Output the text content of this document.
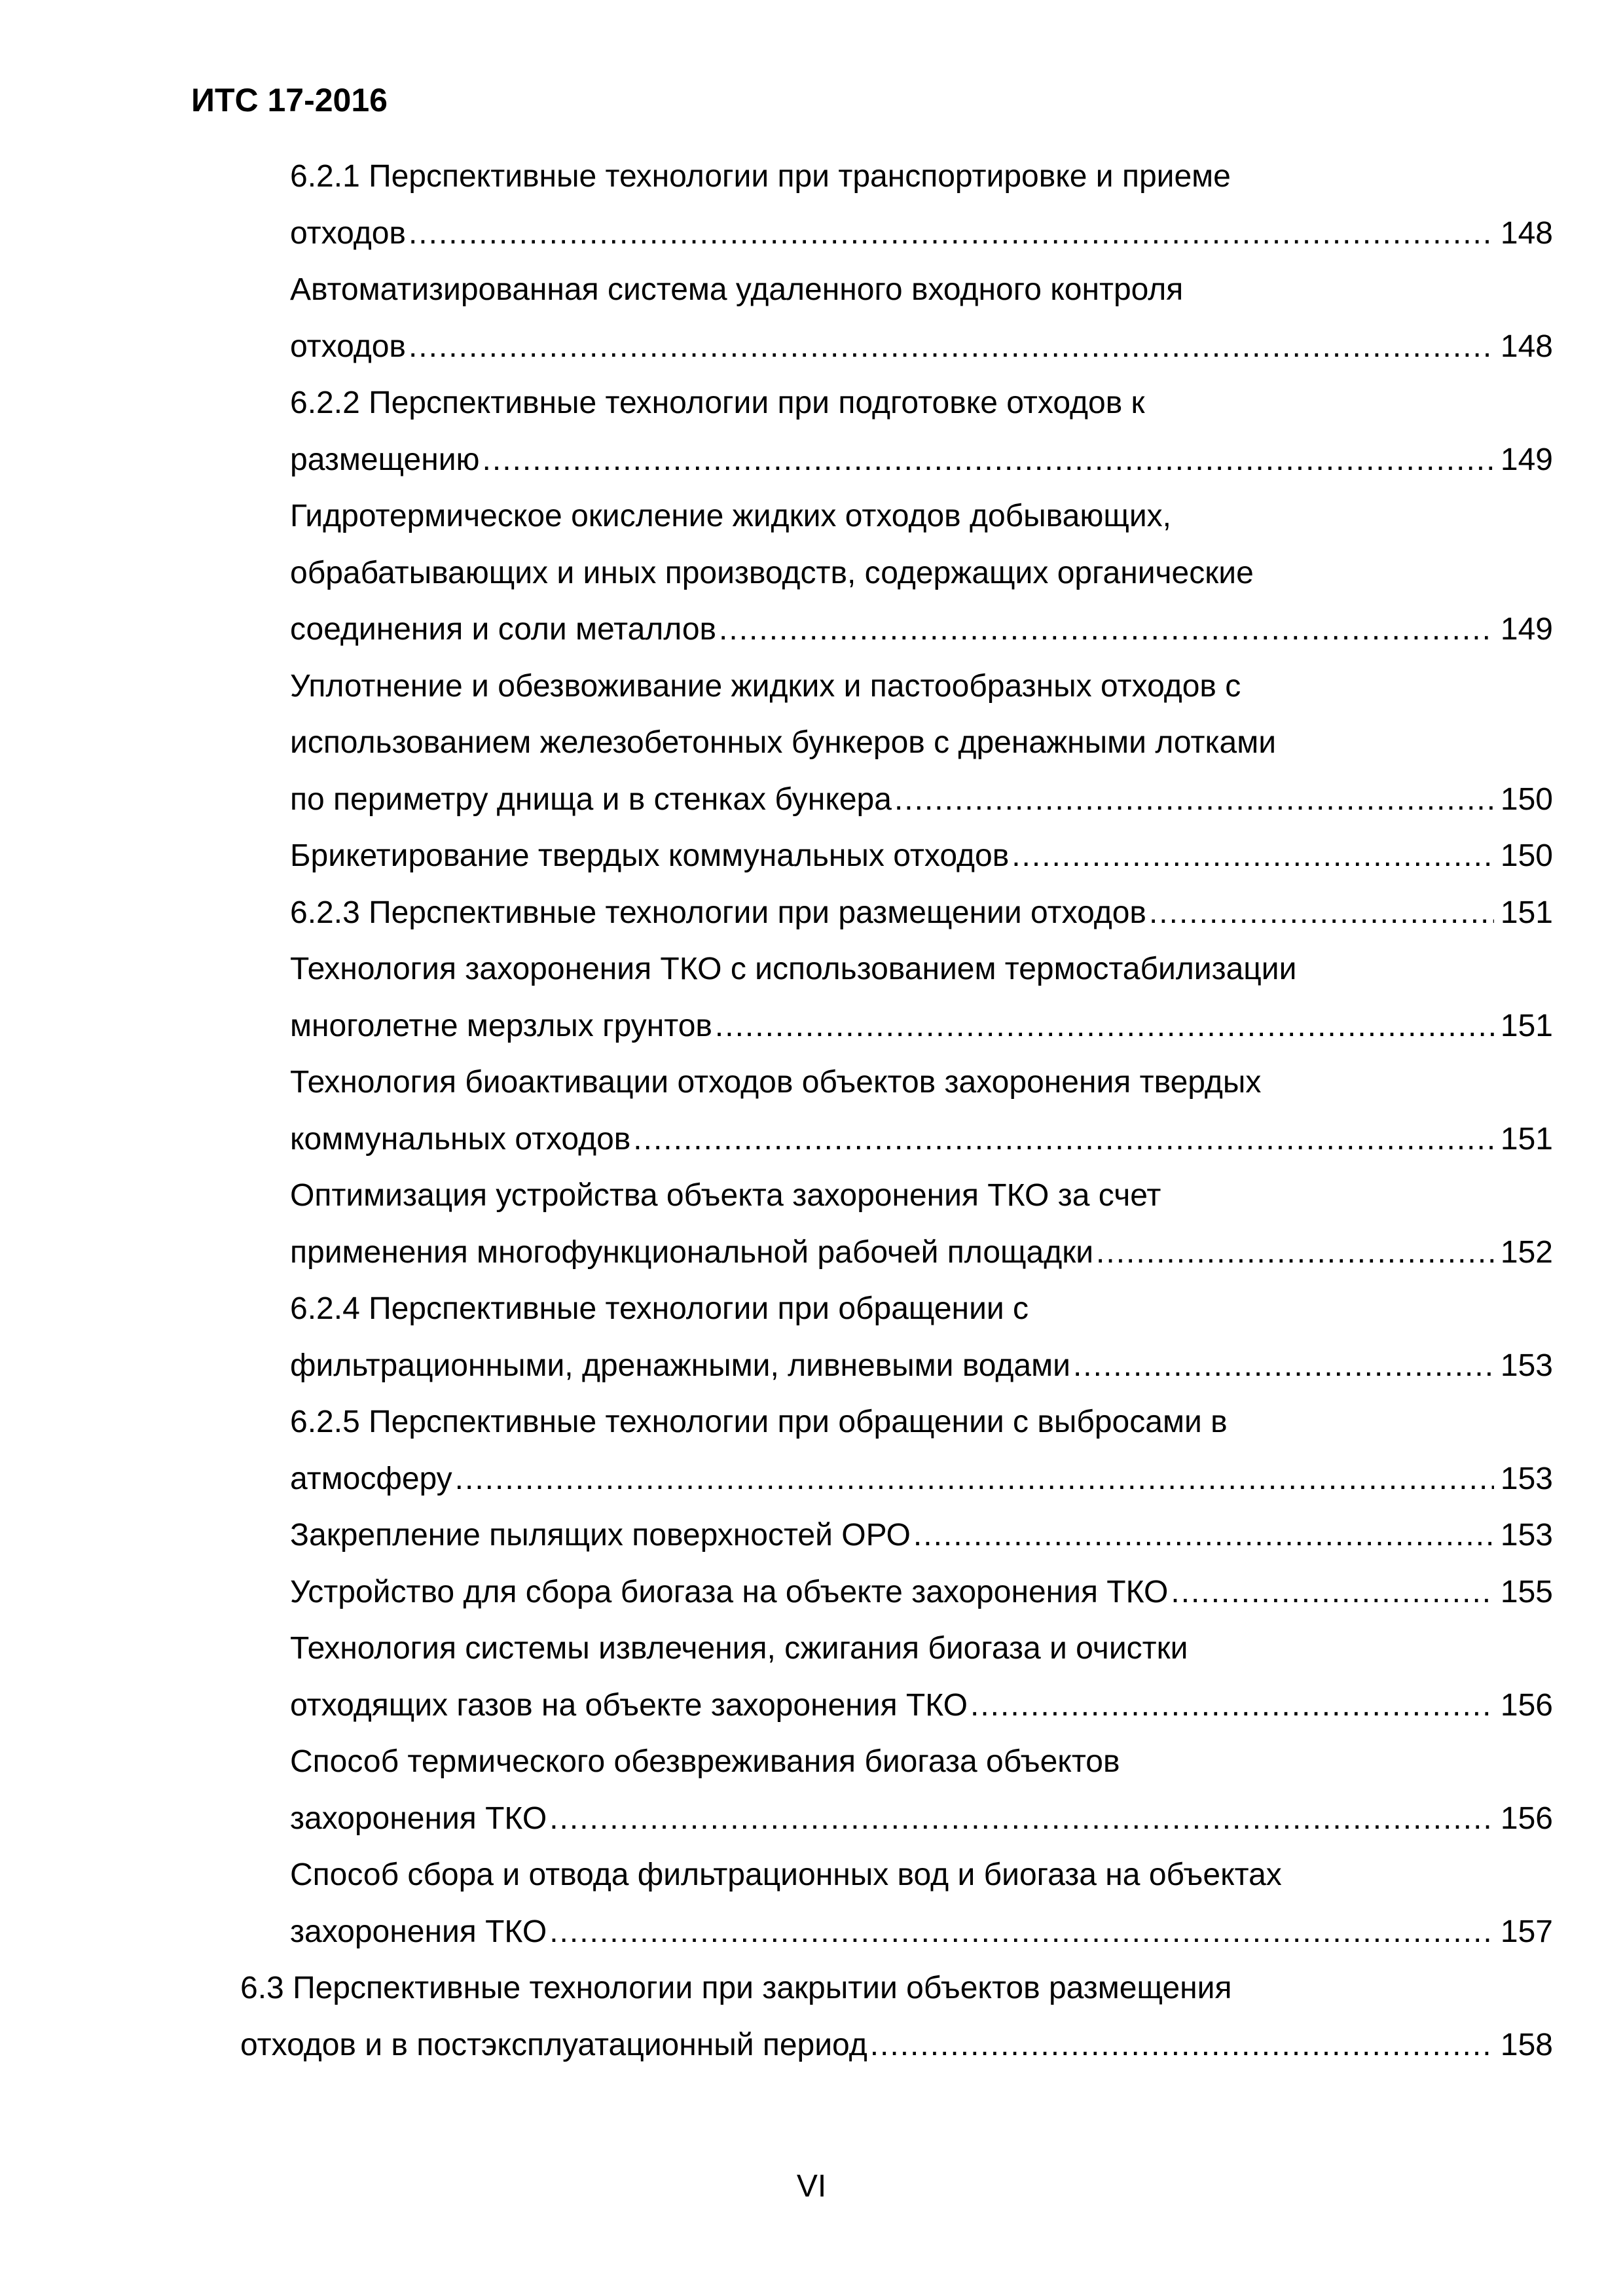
ИТС 17-2016
6.2.1 Перспективные технологии при транспортировке и приеме
отходов .....	148
Автоматизированная система удаленного входного контроля
отходов .....	148
6.2.2 Перспективные технологии при подготовке отходов к
размещению .....	149
Гидротермическое окисление жидких отходов добывающих,
обрабатывающих и иных производств, содержащих органические
соединения и соли металлов .....	149
Уплотнение и обезвоживание жидких и пастообразных отходов с
использованием железобетонных бункеров с дренажными лотками
по периметру днища и в стенках бункера .....	150
Брикетирование твердых коммунальных отходов .....	150
6.2.3 Перспективные технологии при размещении отходов .....	151
Технология захоронения ТКО с использованием термостабилизации
многолетне мерзлых грунтов .....	151
Технология биоактивации отходов объектов захоронения твердых
коммунальных отходов .....	151
Оптимизация устройства объекта захоронения ТКО за счет
применения многофункциональной рабочей площадки .....	152
6.2.4 Перспективные технологии при обращении с
фильтрационными, дренажными, ливневыми водами .....	153
6.2.5 Перспективные технологии при обращении с выбросами в
атмосферу .....	153
Закрепление пылящих поверхностей ОРО .....	153
Устройство для сбора биогаза на объекте захоронения ТКО .....	155
Технология системы извлечения, сжигания биогаза и очистки
отходящих газов на объекте захоронения ТКО .....	156
Способ термического обезвреживания биогаза объектов
захоронения ТКО .....	156
Способ сбора и отвода фильтрационных вод и биогаза на объектах
захоронения ТКО .....	157
6.3 Перспективные технологии при закрытии объектов размещения
отходов и в постэксплуатационный период .....	158
VI
